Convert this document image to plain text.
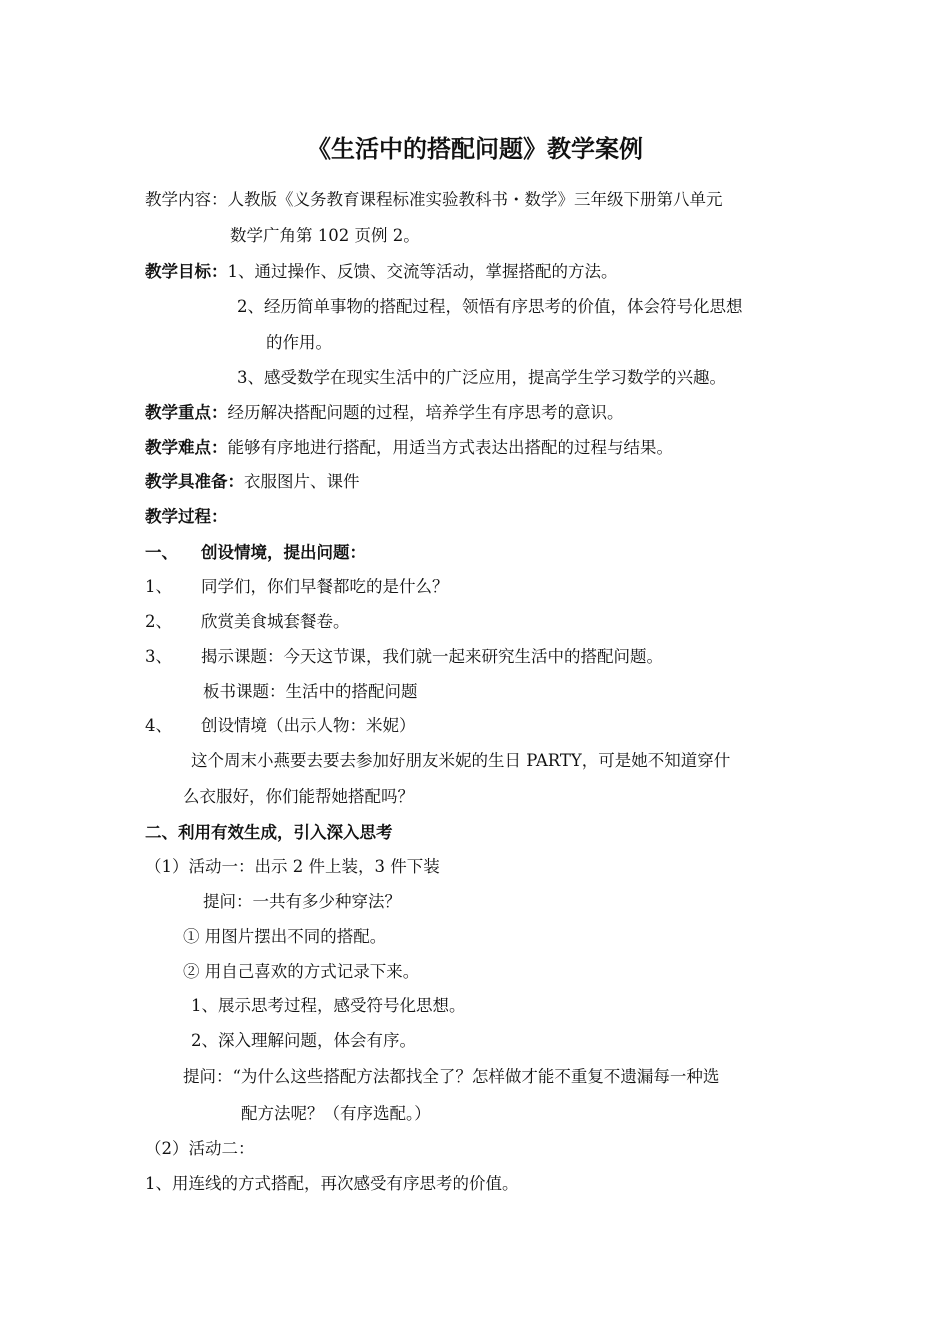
《生活中的搭配问题》教学案例
教学内容：人教版《义务教育课程标准实验教科书・数学》三年级下册第八单元
数学广角第 102 页例 2。
教学目标：1、通过操作、反馈、交流等活动，掌握搭配的方法。
2、经历简单事物的搭配过程，领悟有序思考的价值，体会符号化思想
的作用。
3、感受数学在现实生活中的广泛应用，提高学生学习数学的兴趣。
教学重点：经历解决搭配问题的过程，培养学生有序思考的意识。
教学难点：能够有序地进行搭配，用适当方式表达出搭配的过程与结果。
教学具准备：衣服图片、课件
教学过程：
一、 创设情境，提出问题：
1、 同学们，你们早餐都吃的是什么？
2、 欣赏美食城套餐卷。
3、 揭示课题：今天这节课，我们就一起来研究生活中的搭配问题。
板书课题：生活中的搭配问题
4、 创设情境（出示人物：米妮）
这个周末小燕要去要去参加好朋友米妮的生日 PARTY，可是她不知道穿什
么衣服好，你们能帮她搭配吗？
二、利用有效生成，引入深入思考
（1）活动一：出示 2 件上装，3 件下装
提问：一共有多少种穿法？
① 用图片摆出不同的搭配。
② 用自己喜欢的方式记录下来。
1、展示思考过程，感受符号化思想。
2、深入理解问题，体会有序。
提问：“为什么这些搭配方法都找全了？怎样做才能不重复不遗漏每一种选
配方法呢？（有序选配。）
（2）活动二：
1、用连线的方式搭配，再次感受有序思考的价值。
